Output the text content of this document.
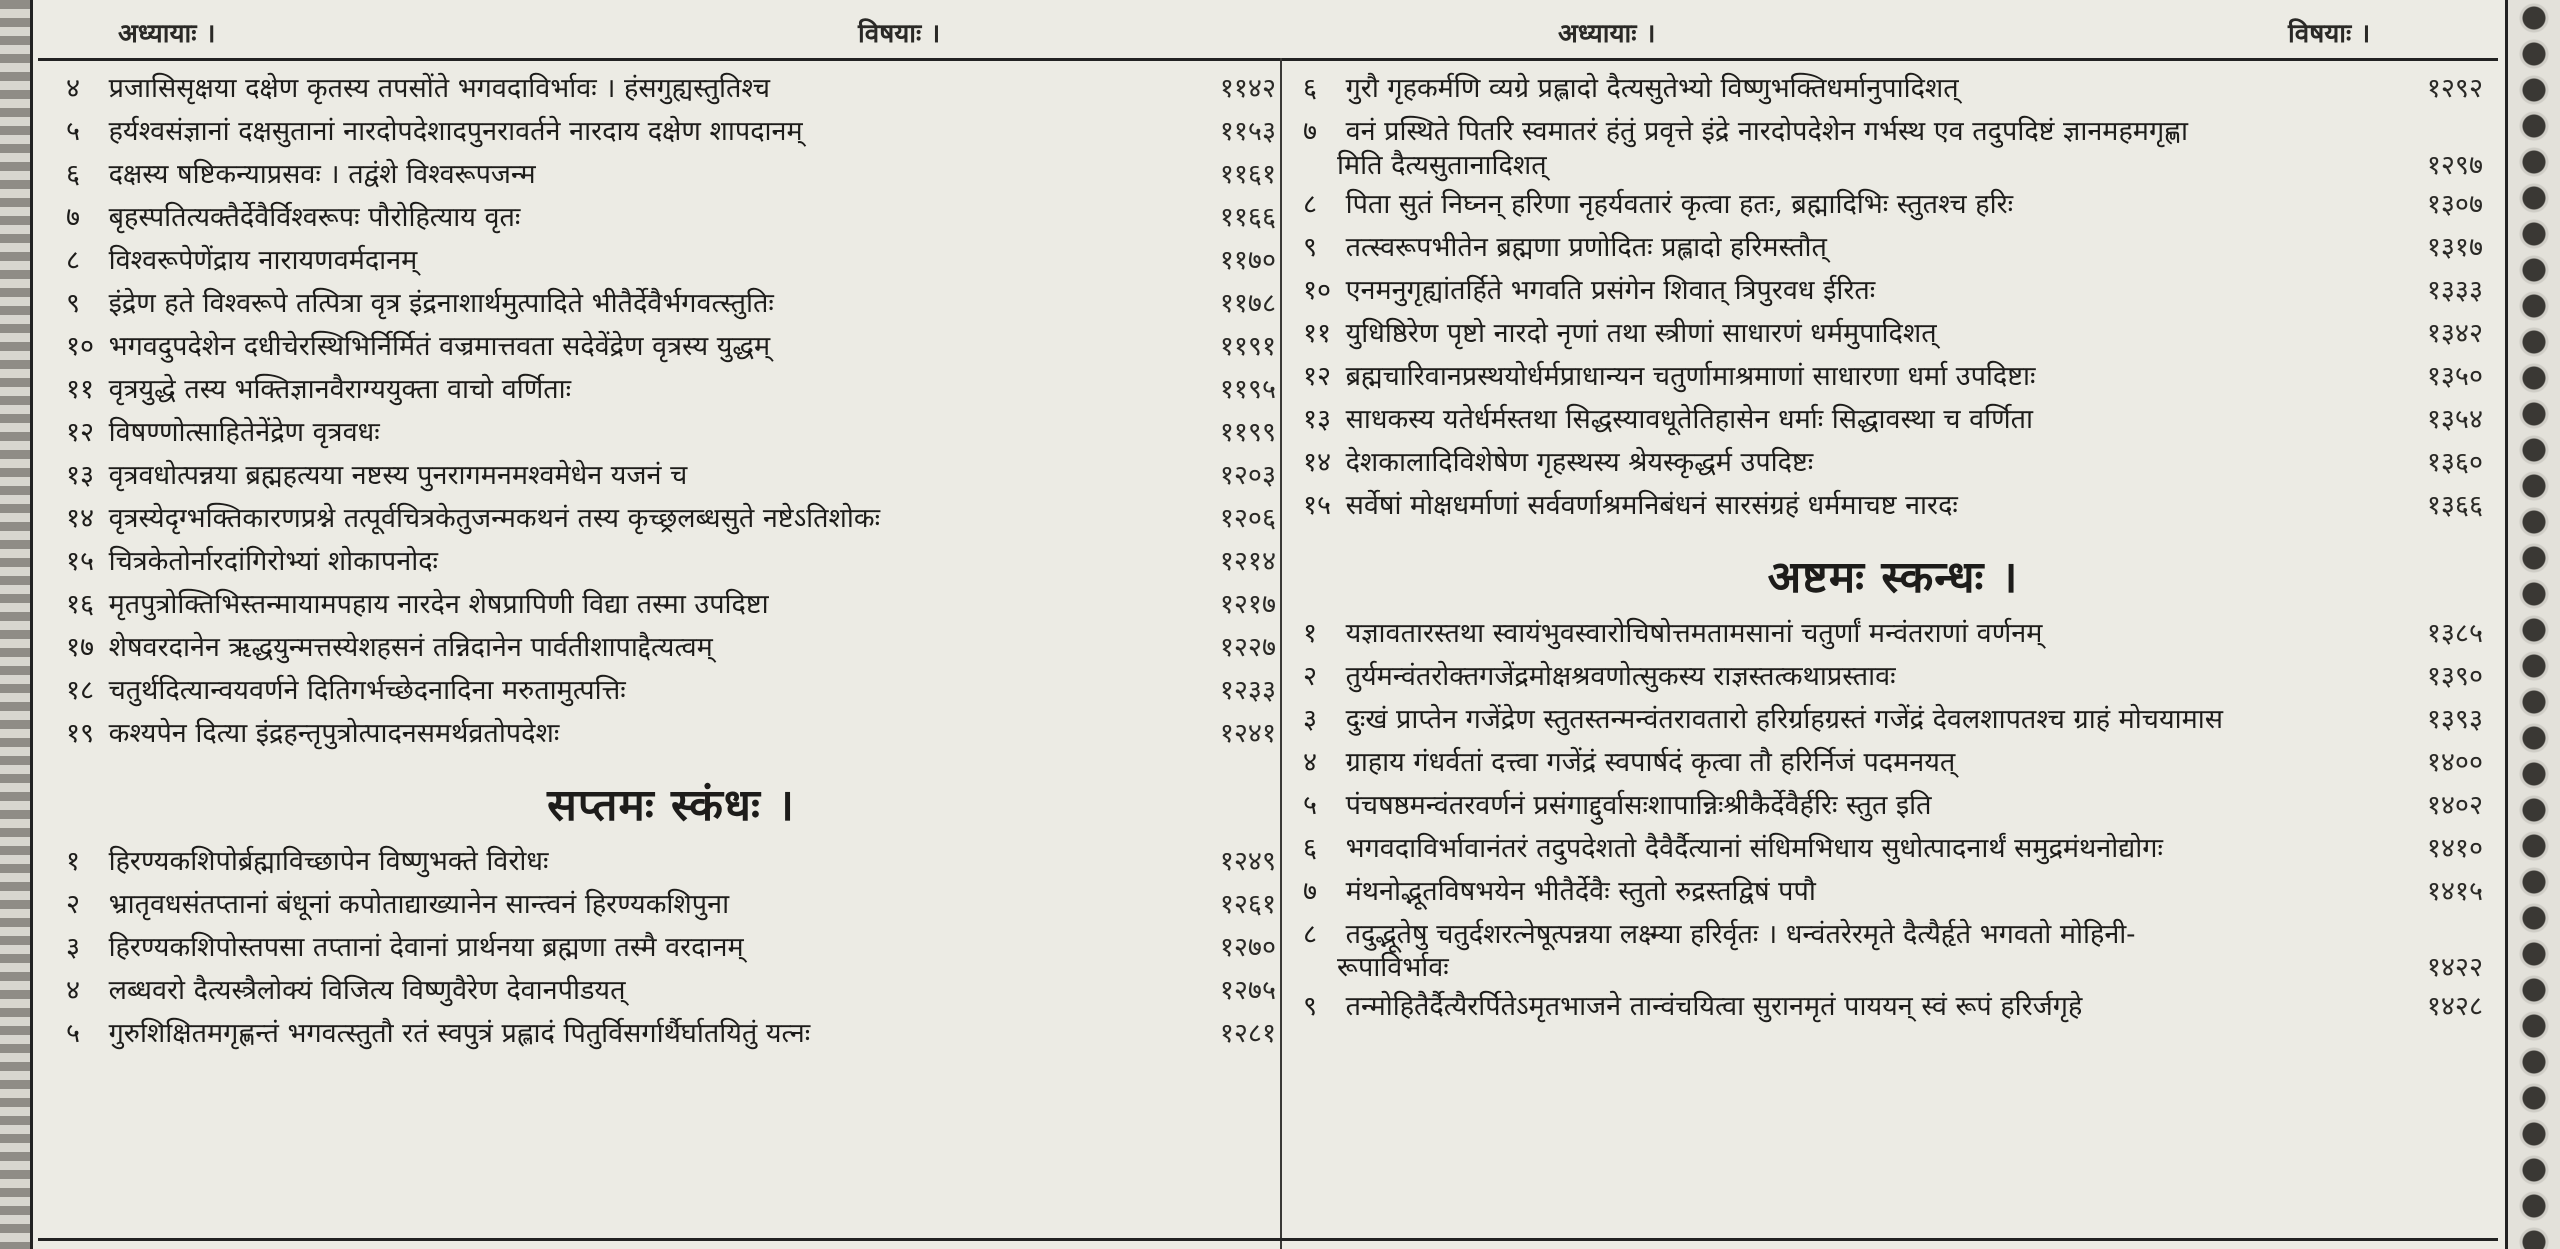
अध्यायाः ।	विषयाः ।	अध्यायाः ।	विषयाः ।
४ प्रजासिसृक्षया दक्षेण कृतस्य तपसोंते भगवदाविर्भावः । हंसगुह्यस्तुतिश्च	११४२
५ हर्यश्वसंज्ञानां दक्षसुतानां नारदोपदेशादपुनरावर्तने नारदाय दक्षेण शापदानम्	११५३
६ दक्षस्य षष्टिकन्याप्रसवः । तद्वंशे विश्वरूपजन्म	११६१
७ बृहस्पतित्यक्तैर्देवैर्विश्वरूपः पौरोहित्याय वृतः	११६६
८ विश्वरूपेणेंद्राय नारायणवर्मदानम्	११७०
९ इंद्रेण हते विश्वरूपे तत्पित्रा वृत्र इंद्रनाशार्थमुत्पादिते भीतैर्देवैर्भगवत्स्तुतिः	११७८
१० भगवदुपदेशेन दधीचेरस्थिभिर्निर्मितं वज्रमात्तवता सदेवेंद्रेण वृत्रस्य युद्धम्	११९१
११ वृत्रयुद्धे तस्य भक्तिज्ञानवैराग्ययुक्ता वाचो वर्णिताः	११९५
१२ विषण्णोत्साहितेनेंद्रेण वृत्रवधः	११९९
१३ वृत्रवधोत्पन्नया ब्रह्महत्यया नष्टस्य पुनरागमनमश्वमेधेन यजनं च	१२०३
१४ वृत्रस्येदृग्भक्तिकारणप्रश्ने तत्पूर्वचित्रकेतुजन्मकथनं तस्य कृच्छ्रलब्धसुते नष्टेऽतिशोकः	१२०६
१५ चित्रकेतोर्नारदांगिरोभ्यां शोकापनोदः	१२१४
१६ मृतपुत्रोक्तिभिस्तन्मायामपहाय नारदेन शेषप्रापिणी विद्या तस्मा उपदिष्टा	१२१७
१७ शेषवरदानेन ऋद्धयुन्मत्तस्येशहसनं तन्निदानेन पार्वतीशापाद्दैत्यत्वम्	१२२७
१८ चतुर्थदित्यान्वयवर्णने दितिगर्भच्छेदनादिना मरुतामुत्पत्तिः	१२३३
१९ कश्यपेन दित्या इंद्रहन्तृपुत्रोत्पादनसमर्थव्रतोपदेशः	१२४१
सप्तमः स्कंधः ।
१ हिरण्यकशिपोर्ब्रह्माविच्छापेन विष्णुभक्ते विरोधः	१२४९
२ भ्रातृवधसंतप्तानां बंधूनां कपोताद्याख्यानेन सान्त्वनं हिरण्यकशिपुना	१२६१
३ हिरण्यकशिपोस्तपसा तप्तानां देवानां प्रार्थनया ब्रह्मणा तस्मै वरदानम्	१२७०
४ लब्धवरो दैत्यस्त्रैलोक्यं विजित्य विष्णुवैरेण देवानपीडयत्	१२७५
५ गुरुशिक्षितमगृह्णन्तं भगवत्स्तुतौ रतं स्वपुत्रं प्रह्लादं पितुर्विसर्गार्थैर्घातयितुं यत्नः	१२८१
६ गुरौ गृहकर्मणि व्यग्रे प्रह्लादो दैत्यसुतेभ्यो विष्णुभक्तिधर्मानुपादिशत्	१२९२
७ वनं प्रस्थिते पितरि स्वमातरं हंतुं प्रवृत्ते इंद्रे नारदोपदेशेन गर्भस्थ एव तदुपदिष्टं ज्ञानमहमगृह्णा
मिति दैत्यसुतानादिशत्	१२९७
८ पिता सुतं निघ्नन् हरिणा नृहर्यवतारं कृत्वा हतः, ब्रह्मादिभिः स्तुतश्च हरिः	१३०७
९ तत्स्वरूपभीतेन ब्रह्मणा प्रणोदितः प्रह्लादो हरिमस्तौत्	१३१७
१० एनमनुगृह्यांतर्हिते भगवति प्रसंगेन शिवात् त्रिपुरवध ईरितः	१३३३
११ युधिष्ठिरेण पृष्टो नारदो नृणां तथा स्त्रीणां साधारणं धर्ममुपादिशत्	१३४२
१२ ब्रह्मचारिवानप्रस्थयोर्धर्मप्राधान्यन चतुर्णामाश्रमाणां साधारणा धर्मा उपदिष्टाः	१३५०
१३ साधकस्य यतेर्धर्मस्तथा सिद्धस्यावधूतेतिहासेन धर्माः सिद्धावस्था च वर्णिता	१३५४
१४ देशकालादिविशेषेण गृहस्थस्य श्रेयस्कृद्धर्म उपदिष्टः	१३६०
१५ सर्वेषां मोक्षधर्माणां सर्ववर्णाश्रमनिबंधनं सारसंग्रहं धर्ममाचष्ट नारदः	१३६६
अष्टमः स्कन्धः ।
१ यज्ञावतारस्तथा स्वायंभुवस्वारोचिषोत्तमतामसानां चतुर्णां मन्वंतराणां वर्णनम्	१३८५
२ तुर्यमन्वंतरोक्तगजेंद्रमोक्षश्रवणोत्सुकस्य राज्ञस्तत्कथाप्रस्तावः	१३९०
३ दुःखं प्राप्तेन गजेंद्रेण स्तुतस्तन्मन्वंतरावतारो हरिर्ग्राहग्रस्तं गजेंद्रं देवलशापतश्च ग्राहं मोचयामास	१३९३
४ ग्राहाय गंधर्वतां दत्त्वा गजेंद्रं स्वपार्षदं कृत्वा तौ हरिर्निजं पदमनयत्	१४००
५ पंचषष्ठमन्वंतरवर्णनं प्रसंगाद्दुर्वासःशापान्निःश्रीकैर्देवैर्हरिः स्तुत इति	१४०२
६ भगवदाविर्भावानंतरं तदुपदेशतो दैवैर्दैत्यानां संधिमभिधाय सुधोत्पादनार्थं समुद्रमंथनोद्योगः	१४१०
७ मंथनोद्भूतविषभयेन भीतैर्देवैः स्तुतो रुद्रस्तद्विषं पपौ	१४१५
८ तदुद्भूतेषु चतुर्दशरत्नेषूत्पन्नया लक्ष्म्या हरिर्वृतः । धन्वंतरेरमृते दैत्यैर्हृते भगवतो मोहिनी-
रूपाविर्भावः	१४२२
९ तन्मोहितैर्दैत्यैरर्पितेऽमृतभाजने तान्वंचयित्वा सुरानमृतं पाययन् स्वं रूपं हरिर्जगृहे	१४२८
